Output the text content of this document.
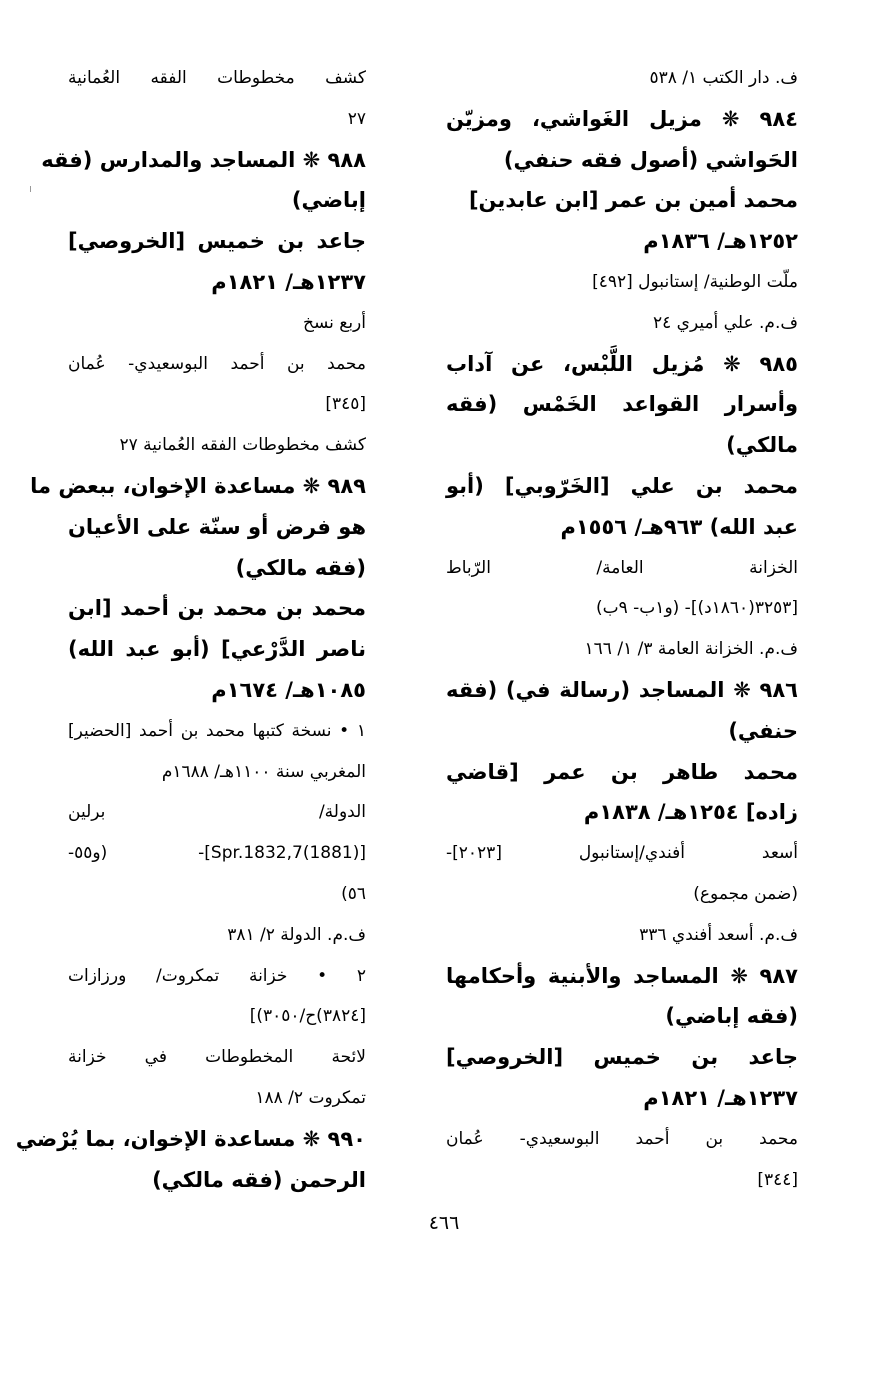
ف. دار الكتب ١/ ٥٣٨
٩٨٤ ❋ مزيل الغَواشي، ومزيّن
الحَواشي (أصول فقه حنفي)
محمد أمين بن عمر [ابن عابدين]
١٢٥٢هـ/ ١٨٣٦م
ملّت الوطنية/ إستانبول [٤٩٢]
ف.م. علي أميري ٢٤
٩٨٥ ❋ مُزيل اللَّبْس، عن آداب
وأسرار القواعد الخَمْس (فقه
مالكي)
محمد بن علي [الخَرّوبي] (أبو
عبد الله) ٩٦٣هـ/ ١٥٥٦م
الخزانة العامة/ الرّباط
[٣٢٥٣(١٨٦٠د)]- (و١ب- ٩ب)
ف.م. الخزانة العامة ٣/ ١/ ١٦٦
٩٨٦ ❋ المساجد (رسالة في) (فقه
حنفي)
محمد طاهر بن عمر [قاضي
زاده] ١٢٥٤هـ/ ١٨٣٨م
أسعد أفندي/إستانبول [٢٠٢٣]-
(ضمن مجموع)
ف.م. أسعد أفندي ٣٣٦
٩٨٧ ❋ المساجد والأبنية وأحكامها
(فقه إباضي)
جاعد بن خميس [الخروصي]
١٢٣٧هـ/ ١٨٢١م
محمد بن أحمد البوسعيدي- عُمان
[٣٤٤]
كشف مخطوطات الفقه العُمانية
٢٧
٩٨٨ ❋ المساجد والمدارس (فقه
إباضي)
جاعد بن خميس [الخروصي]
١٢٣٧هـ/ ١٨٢١م
أربع نسخ
محمد بن أحمد البوسعيدي- عُمان
[٣٤٥]
كشف مخطوطات الفقه العُمانية ٢٧
٩٨٩ ❋ مساعدة الإخوان، ببعض ما
هو فرض أو سنّة على الأعيان
(فقه مالكي)
محمد بن محمد بن أحمد [ابن
ناصر الدَّرْعي] (أبو عبد الله)
١٠٨٥هـ/ ١٦٧٤م
١ • نسخة كتبها محمد بن أحمد [الحضير]
المغربي سنة ١١٠٠هـ/ ١٦٨٨م
الدولة/ برلين
[Spr.1832,7(1881)]- (و٥٥-
٥٦)
ف.م. الدولة ٢/ ٣٨١
٢ • خزانة تمكروت/ ورزازات
[٣٨٢٤)ح/٣٠٥٠)]
لائحة المخطوطات في خزانة
تمكروت ٢/ ١٨٨
٩٩٠ ❋ مساعدة الإخوان، بما يُرْضي
الرحمن (فقه مالكي)
٤٦٦
